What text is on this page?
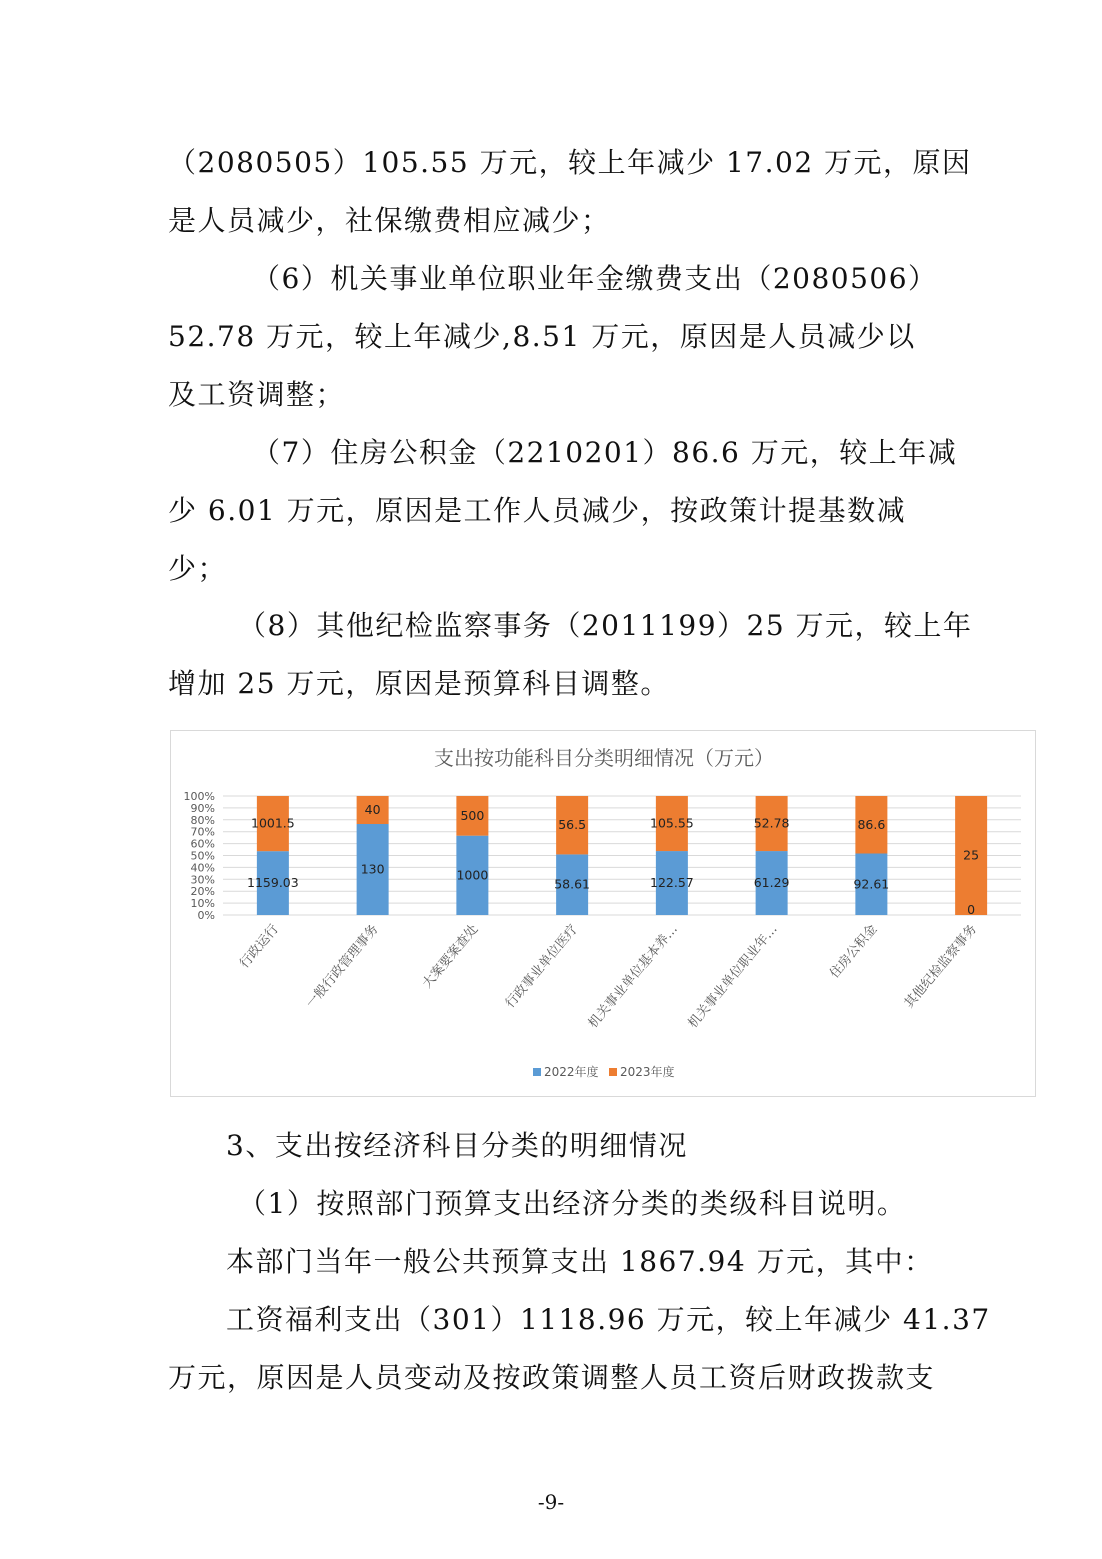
（2080505）105.55 万元，较上年减少 17.02 万元，原因
是人员减少，社保缴费相应减少；
（6）机关事业单位职业年金缴费支出（2080506）
52.78 万元，较上年减少,8.51 万元，原因是人员减少以
及工资调整；
（7）住房公积金（2210201）86.6 万元，较上年减
少 6.01 万元，原因是工作人员减少，按政策计提基数减
少；
（8）其他纪检监察事务（2011199）25 万元，较上年
增加 25 万元，原因是预算科目调整。
支出按功能科目分类明细情况（万元）
0%
10%
20%
30%
40%
50%
60%
70%
80%
90%
100%
1159.03
1001.5
130
40
1000
500
58.61
56.5
122.57
105.55
61.29
52.78
92.61
86.6
0
25
行政运行 一般行政管理事务	大案要案查处 行政事业单位医疗 机关事业单位基本养… 机关事业单位职业年…	住房公积金 其他纪检监察事务
2022年度 2023年度
3、支出按经济科目分类的明细情况
（1）按照部门预算支出经济分类的类级科目说明。
本部门当年一般公共预算支出 1867.94 万元，其中：
工资福利支出（301）1118.96 万元，较上年减少 41.37
万元，原因是人员变动及按政策调整人员工资后财政拨款支
-9-
